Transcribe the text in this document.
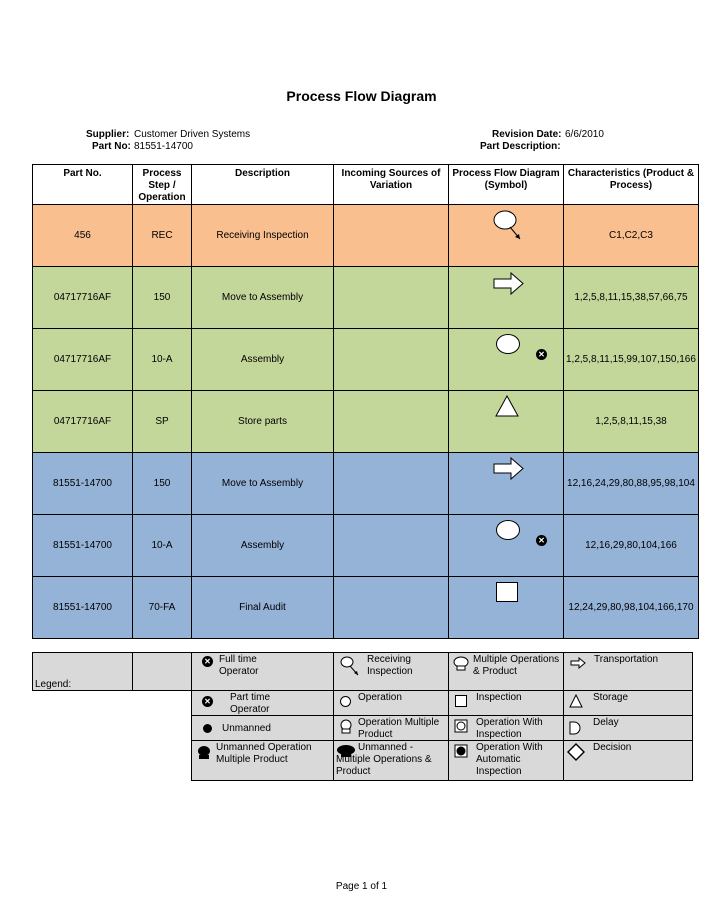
Process Flow Diagram
Supplier: Customer Driven Systems
Part No: 81551-14700
Revision Date: 6/6/2010
Part Description:
Part No.	Process Step / Operation	Description	Incoming Sources of Variation	Process Flow Diagram (Symbol)	Characteristics (Product & Process)
456	REC	Receiving Inspection			C1,C2,C3
04717716AF	150	Move to Assembly			1,2,5,8,11,15,38,57,66,75
04717716AF	10-A	Assembly		✕	1,2,5,8,11,15,99,107,150,166
04717716AF	SP	Store parts			1,2,5,8,11,15,38
81551-14700	150	Move to Assembly			12,16,24,29,80,88,95,98,104
81551-14700	10-A	Assembly		✕	12,16,29,80,104,166
81551-14700	70-FA	Final Audit			12,24,29,80,98,104,166,170
Legend:		✕ Full time Operator	Receiving Inspection	Multiple Operations & Product	Transportation

		✕ Part time Operator	Operation	Inspection	Storage

		Unmanned	Operation Multiple Product	Operation With Inspection	Delay

		Unmanned Operation Multiple Product	Unmanned - Multiple Operations & Product	Operation With Automatic Inspection	Decision
Page 1 of 1
